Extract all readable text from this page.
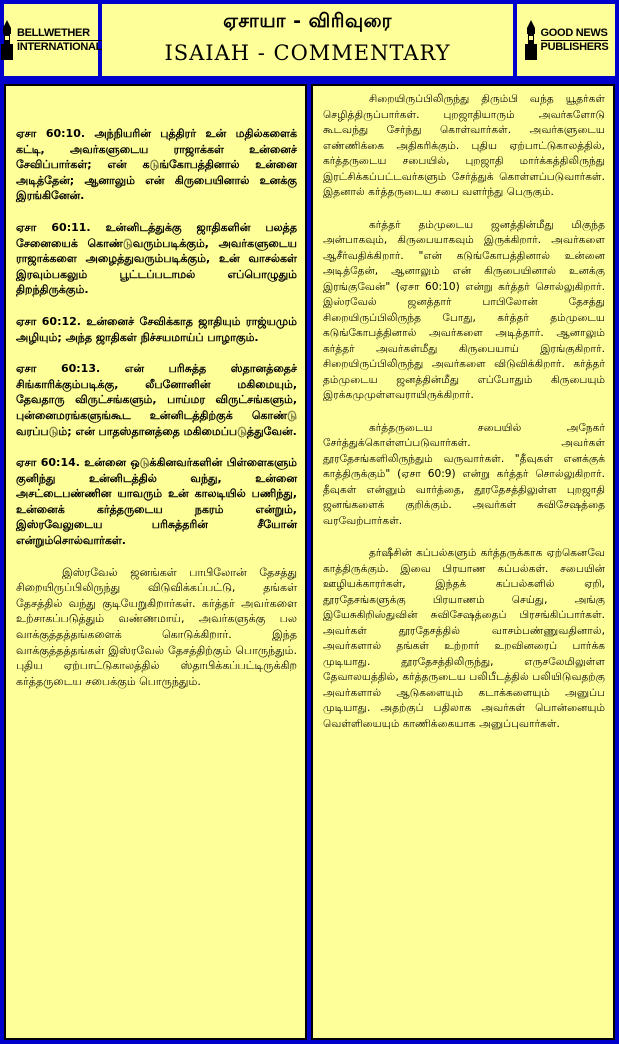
BELLWETHER
INTERNATIONAL
ஏசாயா - விரிவுரை
ISAIAH - COMMENTARY
GOOD NEWS
PUBLISHERS

ஏசா 60:10. அந்நியரின் புத்திரர் உன் மதில்களைக் கட்டி, அவர்களுடைய ராஜாக்கள் உன்னைச் சேவிப்பார்கள்; என் கடுங்கோபத்தினால் உன்னை அடித்தேன்; ஆனாலும் என் கிருபையினால் உனக்கு இரங்கினேன்.

ஏசா 60:11. உன்னிடத்துக்கு ஜாதிகளின் பலத்த சேனையைக் கொண்டுவரும்படிக்கும், அவர்களுடைய ராஜாக்களை அழைத்துவரும்படிக்கும், உன் வாசல்கள் இரவும்பகலும் பூட்டப்படாமல் எப்பொழுதும் திறந்திருக்கும்.

ஏசா 60:12. உன்னைச் சேவிக்காத ஜாதியும் ராஜ்யமும் அழியும்; அந்த ஜாதிகள் நிச்சயமாய்ப் பாழாகும்.

ஏசா 60:13. என் பரிசுத்த ஸ்தானத்தைச் சிங்காரிக்கும்படிக்கு, லீபனோனின் மகிமையும், தேவதாரு விருட்சங்களும், பாய்மர விருட்சங்களும், புன்னைமரங்களுங்கூட உன்னிடத்திற்குக் கொண்டு வரப்படும்; என் பாதஸ்தானத்தை மகிமைப்படுத்துவேன்.

ஏசா 60:14. உன்னை ஒடுக்கினவர்களின் பிள்ளைகளும் குனிந்து உன்னிடத்தில் வந்து, உன்னை அசட்டைபண்ணின யாவரும் உன் காலடியில் பணிந்து, உன்னைக் கர்த்தருடைய நகரம் என்றும், இஸ்ரவேலுடைய பரிசுத்தரின் சீயோன் என்றும்சொல்வார்கள்.

இஸ்ரவேல் ஜனங்கள் பாபிலோன் தேசத்து சிறையிருப்பிலிருந்து விடுவிக்கப்பட்டு, தங்கள் தேசத்தில் வந்து குடியேறுகிறார்கள். கர்த்தர் அவர்களை உற்சாகப்படுத்தும் வண்ணமாய், அவர்களுக்கு பல வாக்குத்தத்தங்களைக் கொடுக்கிறார். இந்த வாக்குத்தத்தங்கள் இஸ்ரவேல் தேசத்திற்கும் பொருந்தும். புதிய ஏற்பாட்டுகாலத்தில் ஸ்தாபிக்கப்பட்டிருக்கிற கர்த்தருடைய சபைக்கும் பொருந்தும்.

சிறையிருப்பிலிருந்து திரும்பி வந்த யூதர்கள் செழித்திருப்பார்கள். புறஜாதியாரும் அவர்களோடு கூடவந்து சேர்ந்து கொள்வார்கள். அவர்களுடைய எண்ணிக்கை அதிகரிக்கும். புதிய ஏற்பாட்டுகாலத்தில், கர்த்தருடைய சபையில், புறஜாதி மார்க்கத்திலிருந்து இரட்சிக்கப்பட்டவர்களும் சேர்த்துக் கொள்ளப்படுவார்கள். இதனால் கர்த்தருடைய சபை வளர்ந்து பெருகும்.

கர்த்தர் தம்முடைய ஜனத்தின்மீது மிகுந்த அன்பாகவும், கிருபையாகவும் இருக்கிறார். அவர்களை ஆசீர்வதிக்கிறார். "என் கடுங்கோபத்தினால் உன்னை அடித்தேன், ஆனாலும் என் கிருபையினால் உனக்கு இரங்குவேன்" (ஏசா 60:10) என்று கர்த்தர் சொல்லுகிறார். இஸ்ரவேல் ஜனத்தார் பாபிலோன் தேசத்து சிறையிருப்பிலிருந்த போது, கர்த்தர் தம்முடைய கடுங்கோபத்தினால் அவர்களை அடித்தார். ஆனாலும் கர்த்தர் அவர்கள்மீது கிருபையாய் இரங்குகிறார். சிறையிருப்பிலிருந்து அவர்களை விடுவிக்கிறார். கர்த்தர் தம்முடைய ஜனத்தின்மீது எப்போதும் கிருபையும் இரக்கமுமுள்ளவராயிருக்கிறார்.

கர்த்தருடைய சபையில் அநேகர் சேர்த்துக்கொள்ளப்படுவார்கள். அவர்கள் தூரதேசங்களிலிருந்தும் வருவார்கள். "தீவுகள் எனக்குக் காத்திருக்கும்" (ஏசா 60:9) என்று கர்த்தர் சொல்லுகிறார். தீவுகள் என்னும் வார்த்தை, தூரதேசத்திலுள்ள புறஜாதி ஜனங்களைக் குறிக்கும். அவர்கள் சுவிசேஷத்தை வரவேற்பார்கள்.

தர்ஷீசின் கப்பல்களும் கர்த்தருக்காக ஏற்கெனவே காத்திருக்கும். இவை பிரயாண கப்பல்கள். சபையின் ஊழியக்காரர்கள், இந்தக் கப்பல்களில் ஏறி, தூரதேசங்களுக்கு பிரயாணம் செய்து, அங்கு இயேசுகிறிஸ்துவின் சுவிசேஷத்தைப் பிரசங்கிப்பார்கள். அவர்கள் தூரதேசத்தில் வாசம்பண்ணுவதினால், அவர்களால் தங்கள் உற்றார் உறவினரைப் பார்க்க முடியாது. தூரதேசத்திலிருந்து, எருசலேமிலுள்ள தேவாலயத்தில், கர்த்தருடைய பலிபீடத்தில் பலியிடுவதற்கு அவர்களால் ஆடுகளையும் கடாக்களையும் அனுப்ப முடியாது. அதற்குப் பதிலாக அவர்கள் பொன்னையும் வெள்ளியையும் காணிக்கையாக அனுப்புவார்கள்.
